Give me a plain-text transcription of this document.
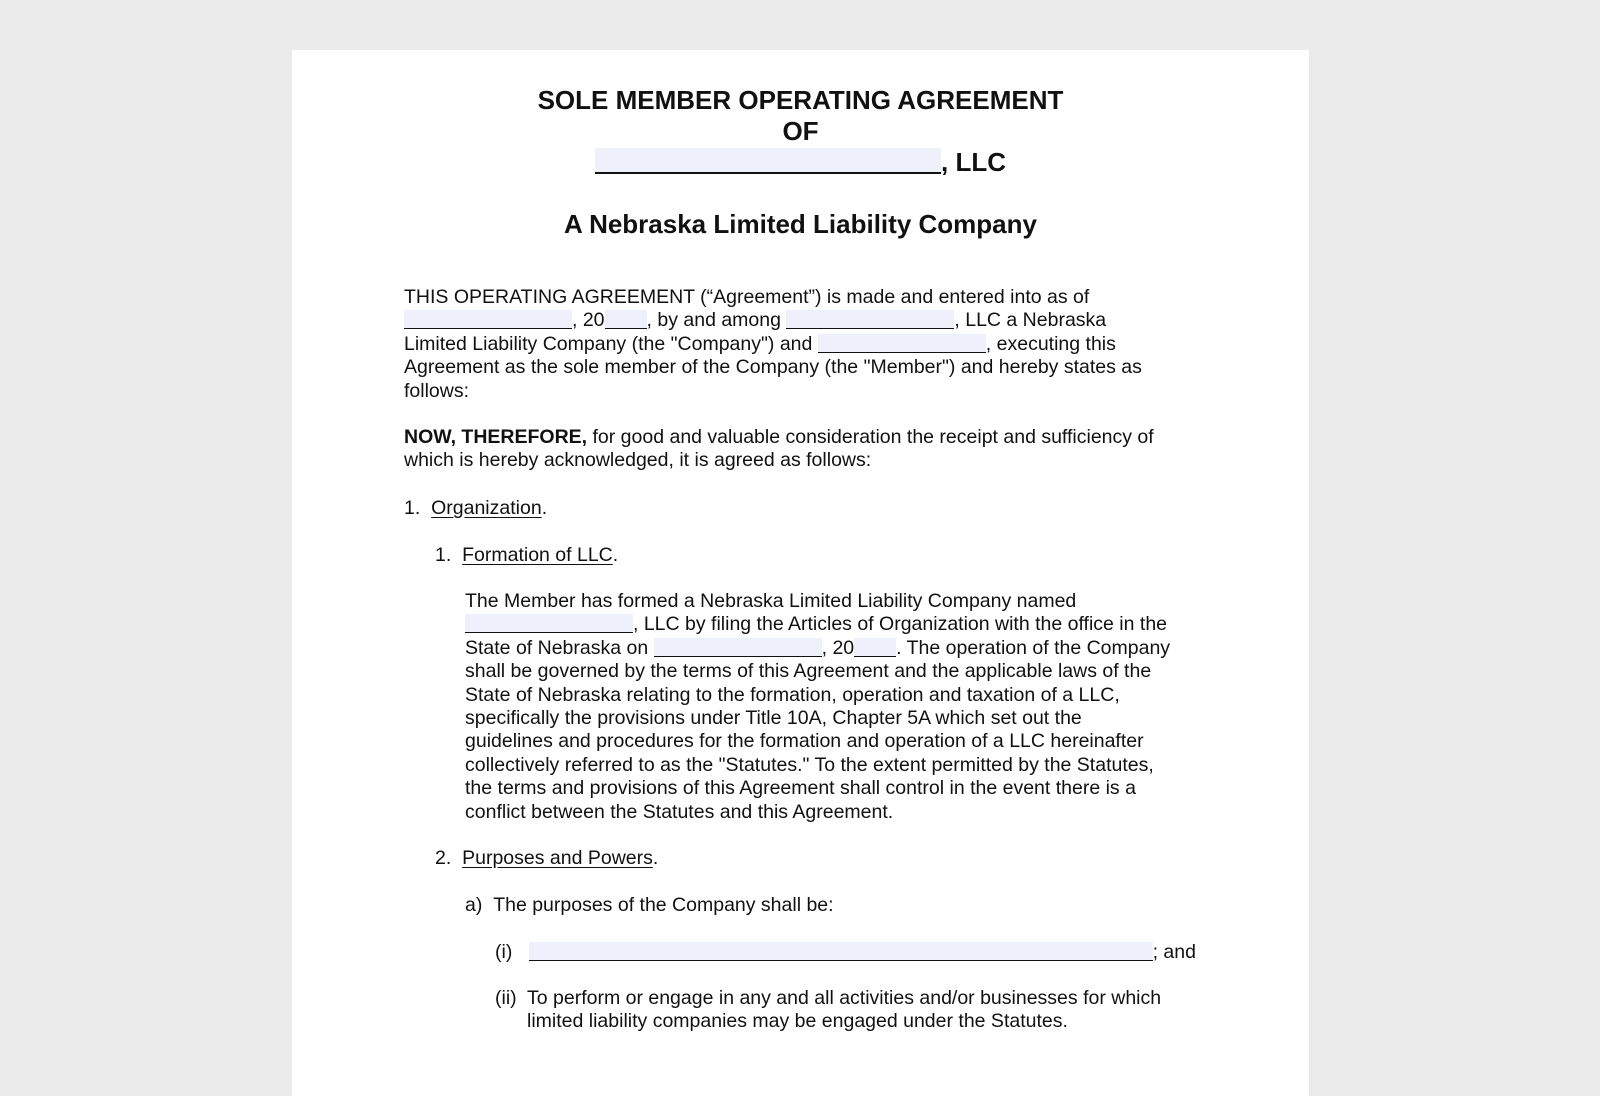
SOLE MEMBER OPERATING AGREEMENT
OF
, LLC
A Nebraska Limited Liability Company
THIS OPERATING AGREEMENT (“Agreement”) is made and entered into as of
, 20 , by and among	, LLC a Nebraska
Limited Liability Company (the "Company") and	, executing this
Agreement as the sole member of the Company (the "Member") and hereby states as
follows:
NOW, THEREFORE, for good and valuable consideration the receipt and sufficiency of
which is hereby acknowledged, it is agreed as follows:
1. Organization.
1. Formation of LLC.
The Member has formed a Nebraska Limited Liability Company named
, LLC by filing the Articles of Organization with the office in the
State of Nebraska on	, 20 . The operation of the Company
shall be governed by the terms of this Agreement and the applicable laws of the
State of Nebraska relating to the formation, operation and taxation of a LLC,
specifically the provisions under Title 10A, Chapter 5A which set out the
guidelines and procedures for the formation and operation of a LLC hereinafter
collectively referred to as the "Statutes." To the extent permitted by the Statutes,
the terms and provisions of this Agreement shall control in the event there is a
conflict between the Statutes and this Agreement.
2. Purposes and Powers.
a) The purposes of the Company shall be:
(i)	; and
(ii) To perform or engage in any and all activities and/or businesses for which
limited liability companies may be engaged under the Statutes.
